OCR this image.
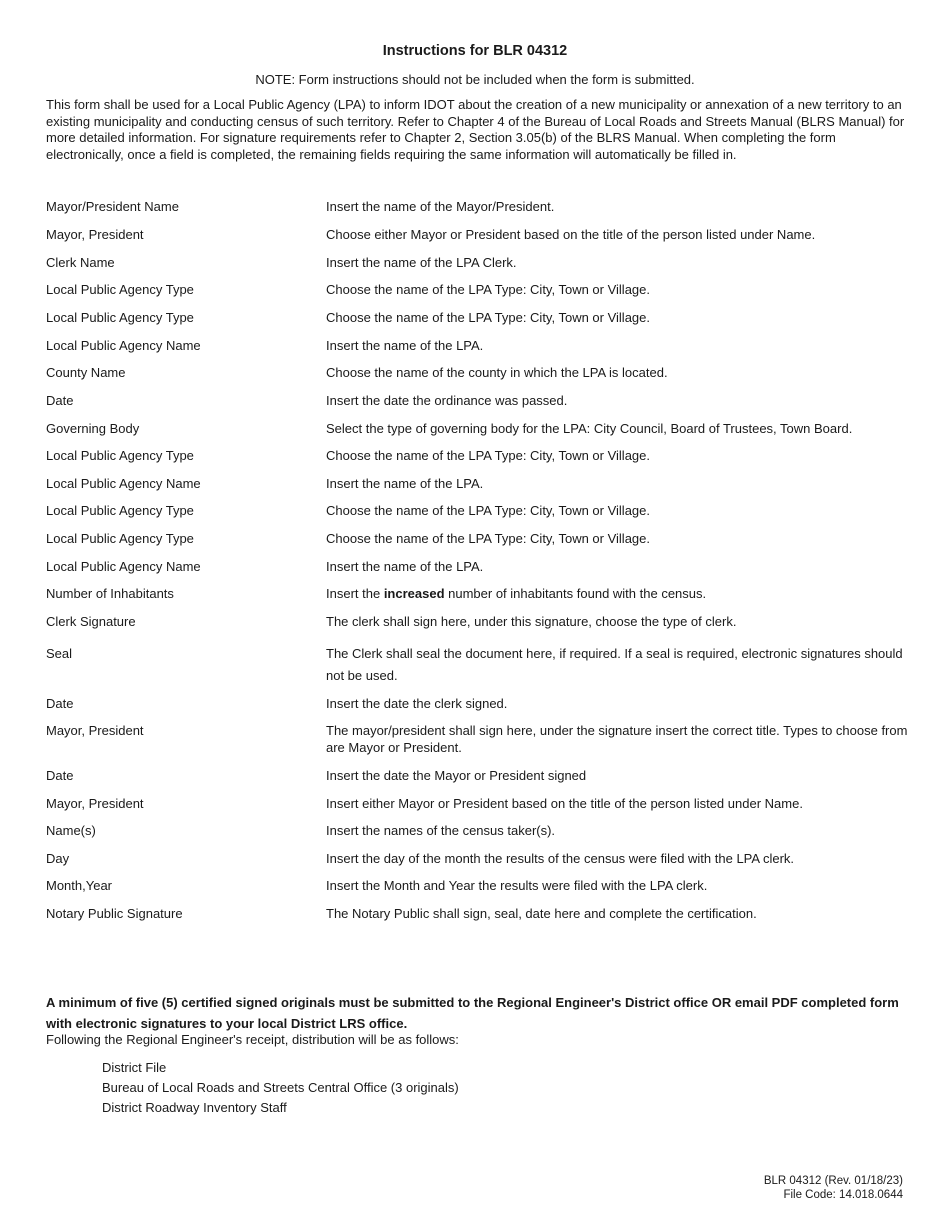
Instructions for BLR 04312
NOTE: Form instructions should not be included when the form is submitted.
This form shall be used for a Local Public Agency (LPA) to inform IDOT about the creation of a new municipality or annexation of a new territory to an existing municipality and conducting census of such territory. Refer to Chapter 4 of the Bureau of Local Roads and Streets Manual (BLRS Manual) for more detailed information. For signature requirements refer to Chapter 2, Section 3.05(b) of the BLRS Manual. When completing the form electronically, once a field is completed, the remaining fields requiring the same information will automatically be filled in.
Mayor/President Name	Insert the name of the Mayor/President.
Mayor, President	Choose either Mayor or President based on the title of the person listed under Name.
Clerk Name	Insert the name of the LPA Clerk.
Local Public Agency Type	Choose the name of the LPA Type: City, Town or Village.
Local Public Agency Type	Choose the name of the LPA Type: City, Town or Village.
Local Public Agency Name	Insert the name of the LPA.
County Name	Choose the name of the county in which the LPA is located.
Date	Insert the date the ordinance was passed.
Governing Body	Select the type of governing body for the LPA: City Council, Board of Trustees, Town Board.
Local Public Agency Type	Choose the name of the LPA Type: City, Town or Village.
Local Public Agency Name	Insert the name of the LPA.
Local Public Agency Type	Choose the name of the LPA Type: City, Town or Village.
Local Public Agency Type	Choose the name of the LPA Type: City, Town or Village.
Local Public Agency Name	Insert the name of the LPA.
Number of Inhabitants	Insert the increased number of inhabitants found with the census.
Clerk Signature	The clerk shall sign here, under this signature, choose the type of clerk.
Seal	The Clerk shall seal the document here, if required. If a seal is required, electronic signatures should not be used.
Date	Insert the date the clerk signed.
Mayor, President	The mayor/president shall sign here, under the signature insert the correct title. Types to choose from are Mayor or President.
Date	Insert the date the Mayor or President signed
Mayor, President	Insert either Mayor or President based on the title of the person listed under Name.
Name(s)	Insert the names of the census taker(s).
Day	Insert the day of the month the results of the census were filed with the LPA clerk.
Month,Year	Insert the Month and Year the results were filed with the LPA clerk.
Notary Public Signature	The Notary Public shall sign, seal, date here and complete the certification.
A minimum of five (5) certified signed originals must be submitted to the Regional Engineer's District office OR email PDF completed form with electronic signatures to your local District LRS office.
Following the Regional Engineer's receipt, distribution will be as follows:
District File
Bureau of Local Roads and Streets Central Office (3 originals)
District Roadway Inventory Staff
BLR 04312 (Rev. 01/18/23)
File Code: 14.018.0644
